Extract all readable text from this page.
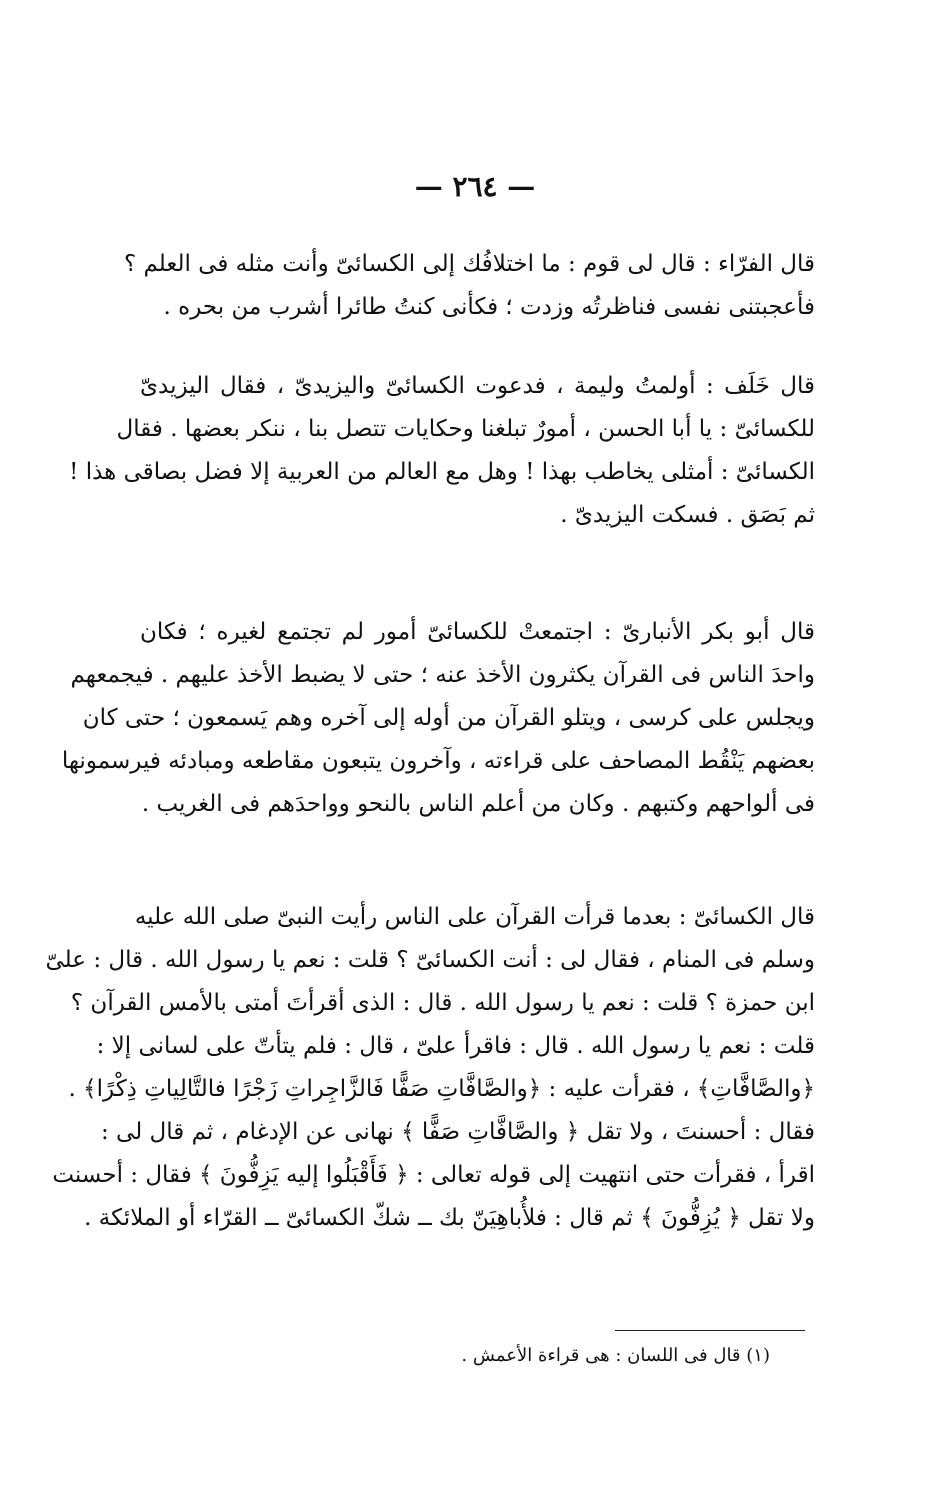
— ٢٦٤ —
قال الفرّاء : قال لى قوم : ما اختلافُك إلى الكسائىّ وأنت مثله فى العلم ؟
فأعجبتنى نفسى فناظرتُه وزدت ؛ فكأنى كنتُ طائرا أشرب من بحره .
قال خَلَف : أولمتُ وليمة ، فدعوت الكسائىّ واليزيدىّ ، فقال اليزيدىّ
للكسائىّ : يا أبا الحسن ، أمورٌ تبلغنا وحكايات تتصل بنا ، ننكر بعضها . فقال
الكسائىّ : أمثلى يخاطب بهذا ! وهل مع العالم من العربية إلا فضل بصاقى هذا !
ثم بَصَق . فسكت اليزيدىّ .
قال أبو بكر الأنبارىّ : اجتمعتْ للكسائىّ أمور لم تجتمع لغيره ؛ فكان
واحدَ الناس فى القرآن يكثرون الأخذ عنه ؛ حتى لا يضبط الأخذ عليهم . فيجمعهم
ويجلس على كرسى ، ويتلو القرآن من أوله إلى آخره وهم يَسمعون ؛ حتى كان
بعضهم يَنْقُط المصاحف على قراءته ، وآخرون يتبعون مقاطعه ومبادئه فيرسمونها
فى ألواحهم وكتبهم . وكان من أعلم الناس بالنحو وواحدَهم فى الغريب .
قال الكسائىّ : بعدما قرأت القرآن على الناس رأيت النبىّ صلى الله عليه
وسلم فى المنام ، فقال لى : أنت الكسائىّ ؟ قلت : نعم يا رسول الله . قال : علىّ
ابن حمزة ؟ قلت : نعم يا رسول الله . قال : الذى أقرأتَ أمتى بالأمس القرآن ؟
قلت : نعم يا رسول الله . قال : فاقرأ علىّ ، قال : فلم يتأتّ على لسانى إلا :
﴿والصَّافَّاتِ﴾ ، فقرأت عليه : ﴿والصَّافَّاتِ صَفًّا فَالزَّاجِراتِ زَجْرًا فالتَّالِياتِ ذِكْرًا﴾ .
فقال : أحسنتَ ، ولا تقل ﴿ والصَّافَّاتِ صَفًّا ﴾ نهانى عن الإدغام ، ثم قال لى :
اقرأ ، فقرأت حتى انتهيت إلى قوله تعالى : ﴿ فَأَقْبَلُوا إليه يَزِفُّونَ ﴾ فقال : أحسنت
ولا تقل ﴿ يُزِفُّونَ ﴾ ثم قال : فلأُباهِيَنّ بك ــ شكّ الكسائىّ ــ القرّاء أو الملائكة .
(١) قال فى اللسان : هى قراءة الأعمش .
